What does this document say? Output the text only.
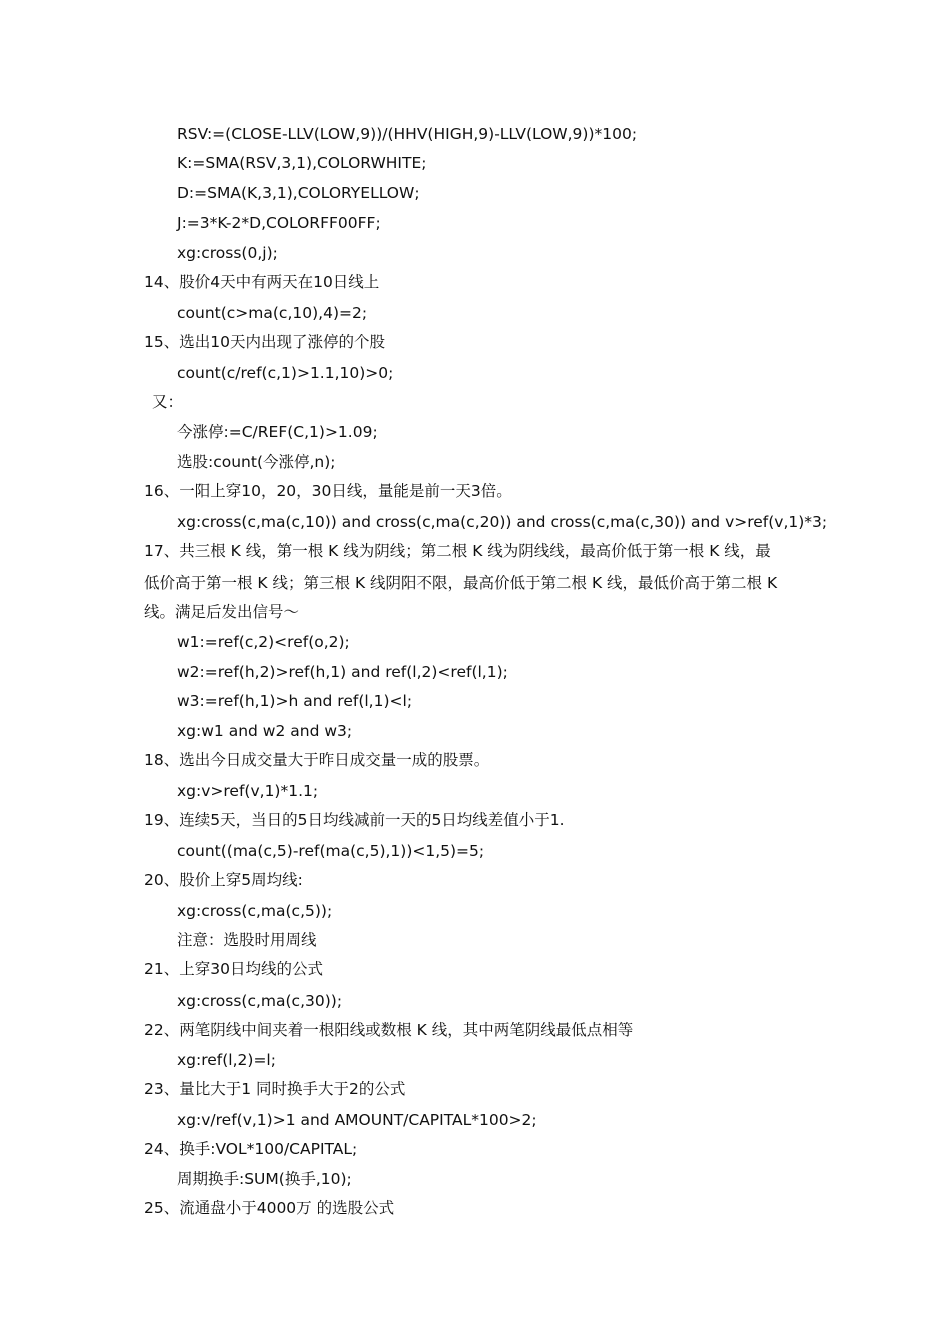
RSV:=(CLOSE-LLV(LOW,9))/(HHV(HIGH,9)-LLV(LOW,9))*100;
K:=SMA(RSV,3,1),COLORWHITE;
D:=SMA(K,3,1),COLORYELLOW;
J:=3*K-2*D,COLORFF00FF;
xg:cross(0,j);
14、股价4天中有两天在10日线上
count(c>ma(c,10),4)=2;
15、选出10天内出现了涨停的个股
count(c/ref(c,1)>1.1,10)>0;
又：
今涨停:=C/REF(C,1)>1.09;
选股:count(今涨停,n);
16、一阳上穿10，20，30日线，量能是前一天3倍。
xg:cross(c,ma(c,10)) and cross(c,ma(c,20)) and cross(c,ma(c,30)) and v>ref(v,1)*3;
17、共三根 K 线，第一根 K 线为阴线；第二根 K 线为阴线线，最高价低于第一根 K 线，最
低价高于第一根 K 线；第三根 K 线阴阳不限，最高价低于第二根 K 线，最低价高于第二根 K
线。满足后发出信号～
w1:=ref(c,2)<ref(o,2);
w2:=ref(h,2)>ref(h,1) and ref(l,2)<ref(l,1);
w3:=ref(h,1)>h and ref(l,1)<l;
xg:w1 and w2 and w3;
18、选出今日成交量大于昨日成交量一成的股票。
xg:v>ref(v,1)*1.1;
19、连续5天，当日的5日均线减前一天的5日均线差值小于1.
count((ma(c,5)-ref(ma(c,5),1))<1,5)=5;
20、股价上穿5周均线:
xg:cross(c,ma(c,5));
注意：选股时用周线
21、上穿30日均线的公式
xg:cross(c,ma(c,30));
22、两笔阴线中间夹着一根阳线或数根 K 线，其中两笔阴线最低点相等
xg:ref(l,2)=l;
23、量比大于1 同时换手大于2的公式
xg:v/ref(v,1)>1 and AMOUNT/CAPITAL*100>2;
24、换手:VOL*100/CAPITAL;
周期换手:SUM(换手,10);
25、流通盘小于4000万 的选股公式
